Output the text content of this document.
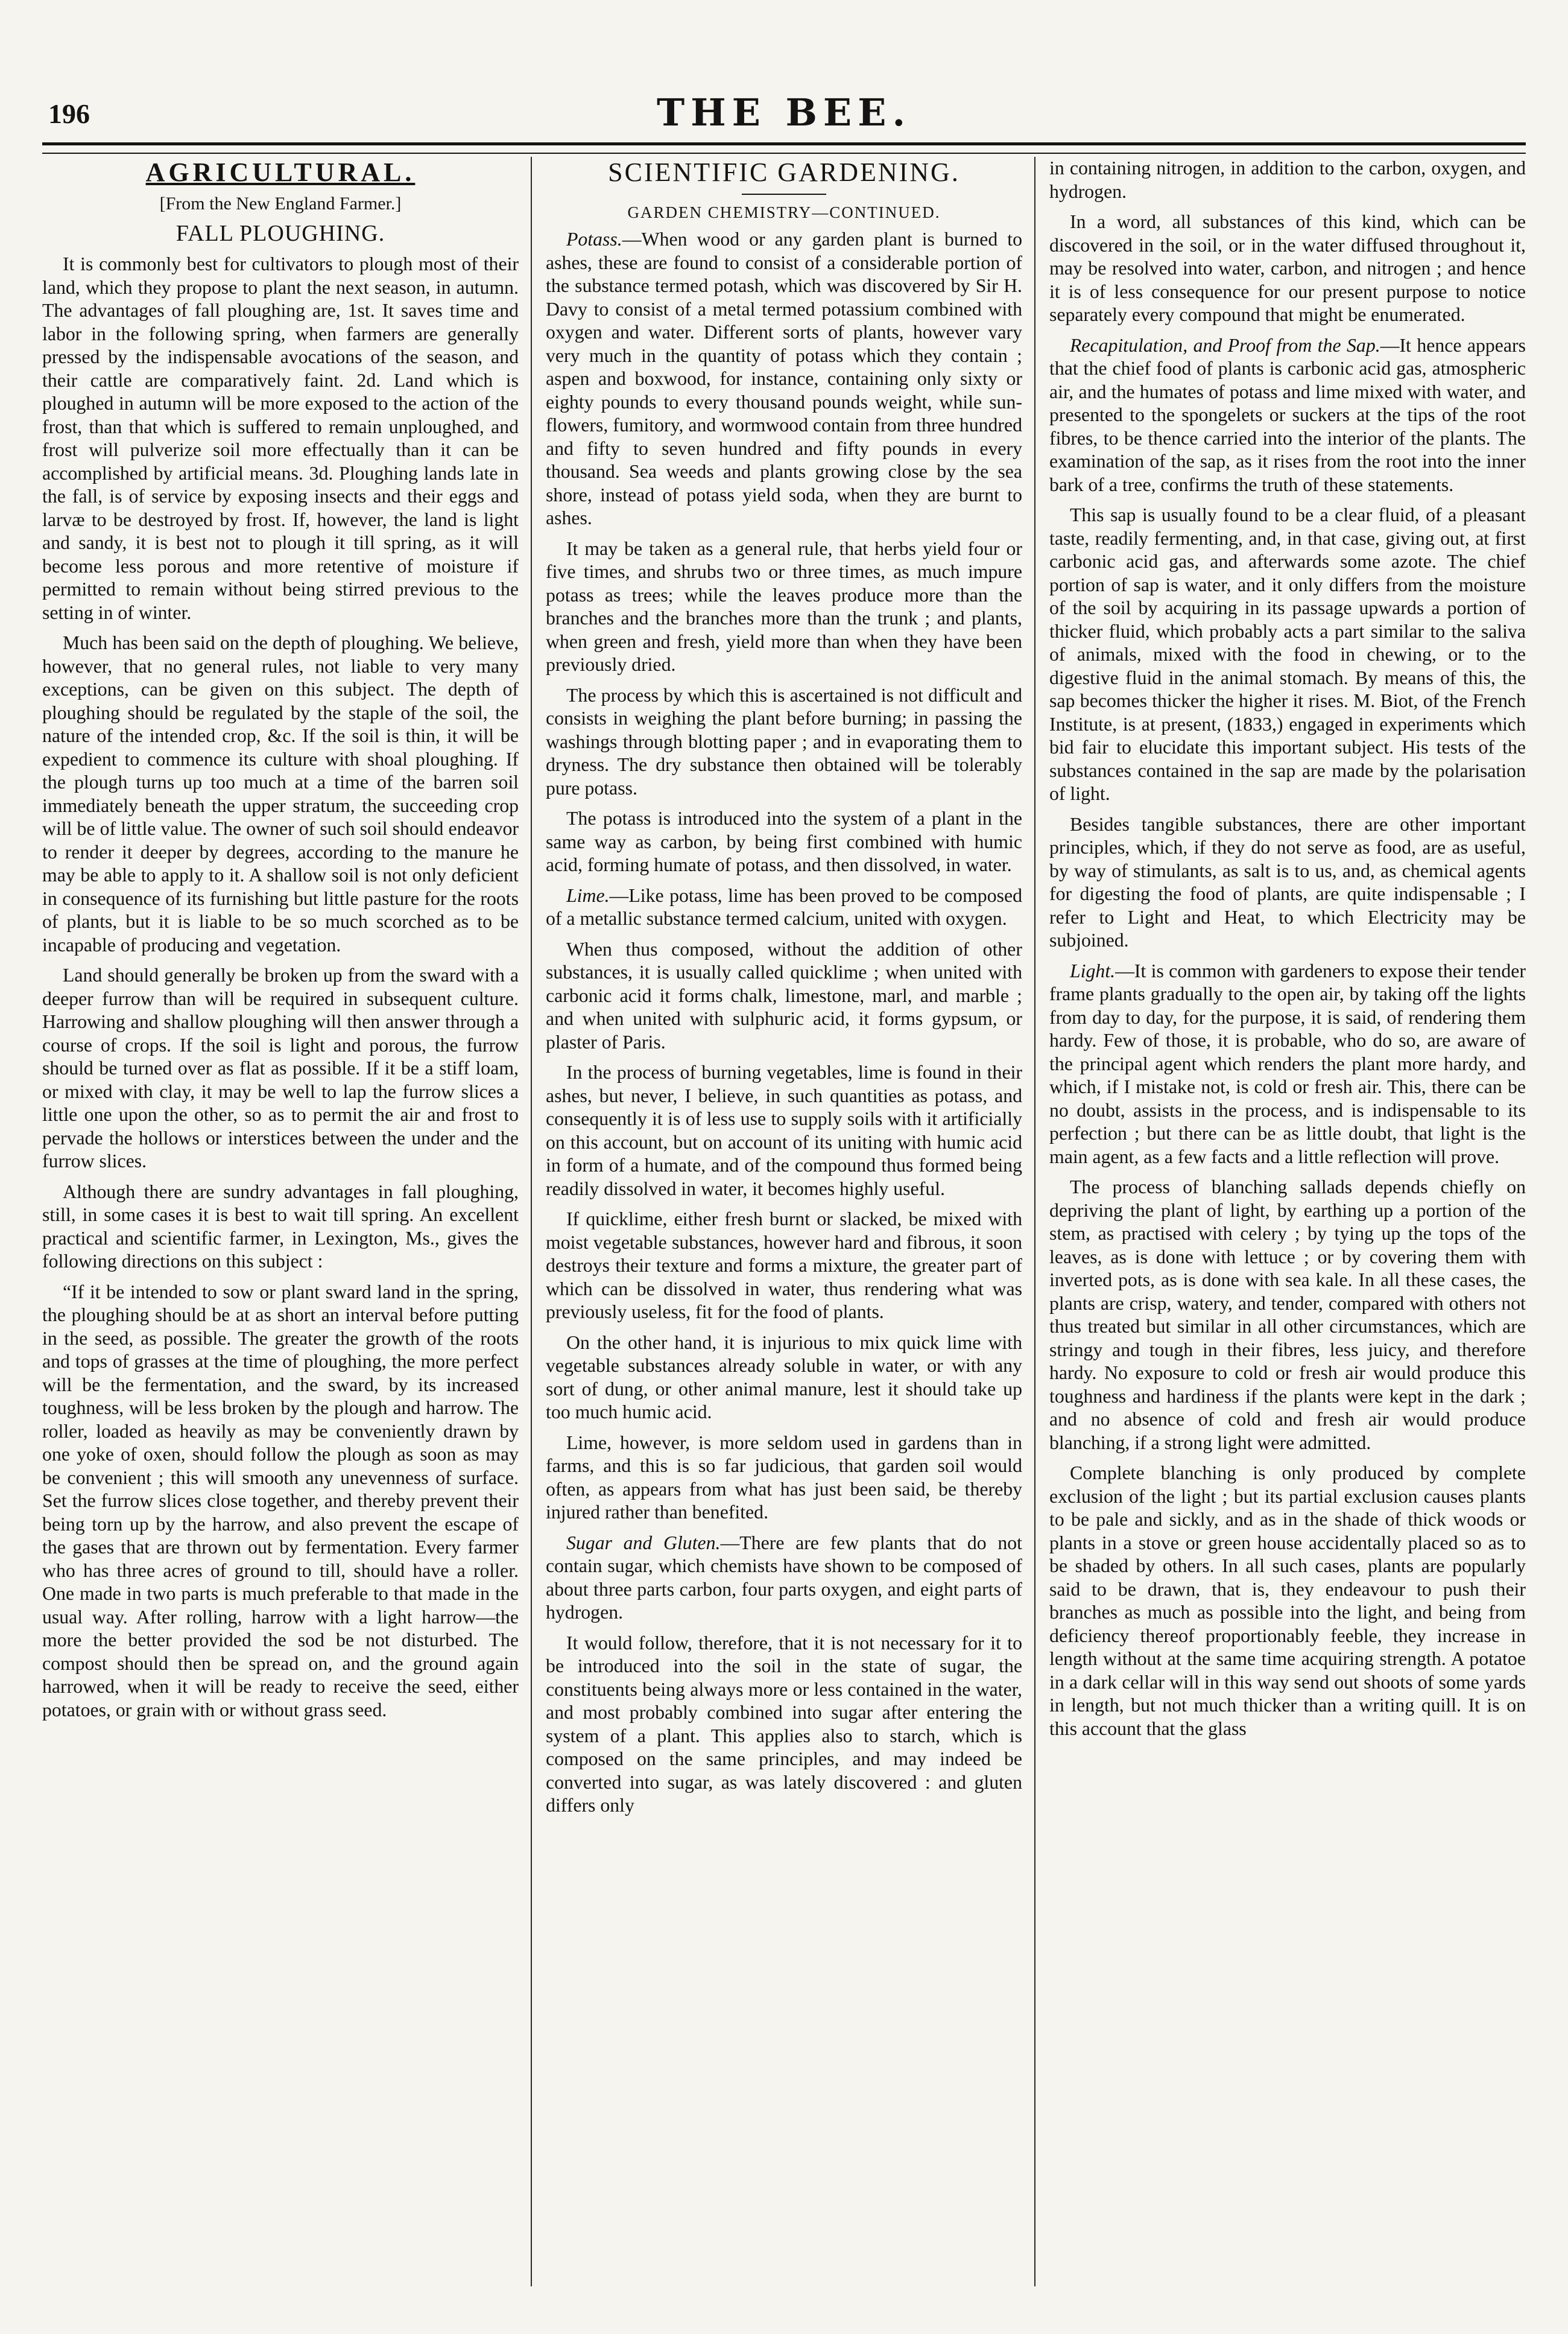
196	THE BEE.
AGRICULTURAL.
[From the New England Farmer.]
FALL PLOUGHING.

It is commonly best for cultivators to plough most of their land, which they propose to plant the next season, in autumn. The advantages of fall ploughing are, 1st. It saves time and labor in the following spring, when farmers are generally pressed by the indispensable avocations of the season, and their cattle are comparatively faint. 2d. Land which is ploughed in autumn will be more exposed to the action of the frost, than that which is suffered to remain unploughed, and frost will pulverize soil more effectually than it can be accomplished by artificial means. 3d. Ploughing lands late in the fall, is of service by exposing insects and their eggs and larvæ to be destroyed by frost. If, however, the land is light and sandy, it is best not to plough it till spring, as it will become less porous and more retentive of moisture if permitted to remain without being stirred previous to the setting in of winter.

Much has been said on the depth of ploughing. We believe, however, that no general rules, not liable to very many exceptions, can be given on this subject. The depth of ploughing should be regulated by the staple of the soil, the nature of the intended crop, &c. If the soil is thin, it will be expedient to commence its culture with shoal ploughing. If the plough turns up too much at a time of the barren soil immediately beneath the upper stratum, the succeeding crop will be of little value. The owner of such soil should endeavor to render it deeper by degrees, according to the manure he may be able to apply to it. A shallow soil is not only deficient in consequence of its furnishing but little pasture for the roots of plants, but it is liable to be so much scorched as to be incapable of producing and vegetation.

Land should generally be broken up from the sward with a deeper furrow than will be required in subsequent culture. Harrowing and shallow ploughing will then answer through a course of crops. If the soil is light and porous, the furrow should be turned over as flat as possible. If it be a stiff loam, or mixed with clay, it may be well to lap the furrow slices a little one upon the other, so as to permit the air and frost to pervade the hollows or interstices between the under and the furrow slices.

Although there are sundry advantages in fall ploughing, still, in some cases it is best to wait till spring. An excellent practical and scientific farmer, in Lexington, Ms., gives the following directions on this subject :

“If it be intended to sow or plant sward land in the spring, the ploughing should be at as short an interval before putting in the seed, as possible. The greater the growth of the roots and tops of grasses at the time of ploughing, the more perfect will be the fermentation, and the sward, by its increased toughness, will be less broken by the plough and harrow. The roller, loaded as heavily as may be conveniently drawn by one yoke of oxen, should follow the plough as soon as may be convenient ; this will smooth any unevenness of surface. Set the furrow slices close together, and thereby prevent their being torn up by the harrow, and also prevent the escape of the gases that are thrown out by fermentation. Every farmer who has three acres of ground to till, should have a roller. One made in two parts is much preferable to that made in the usual way. After rolling, harrow with a light harrow—the more the better provided the sod be not disturbed. The compost should then be spread on, and the ground again harrowed, when it will be ready to receive the seed, either potatoes, or grain with or without grass seed.

SCIENTIFIC GARDENING.
GARDEN CHEMISTRY—CONTINUED.

Potass.—When wood or any garden plant is burned to ashes, these are found to consist of a considerable portion of the substance termed potash, which was discovered by Sir H. Davy to consist of a metal termed potassium combined with oxygen and water. Different sorts of plants, however vary very much in the quantity of potass which they contain ; aspen and boxwood, for instance, containing only sixty or eighty pounds to every thousand pounds weight, while sun-flowers, fumitory, and wormwood contain from three hundred and fifty to seven hundred and fifty pounds in every thousand. Sea weeds and plants growing close by the sea shore, instead of potass yield soda, when they are burnt to ashes.

It may be taken as a general rule, that herbs yield four or five times, and shrubs two or three times, as much impure potass as trees; while the leaves produce more than the branches and the branches more than the trunk ; and plants, when green and fresh, yield more than when they have been previously dried.

The process by which this is ascertained is not difficult and consists in weighing the plant before burning; in passing the washings through blotting paper ; and in evaporating them to dryness. The dry substance then obtained will be tolerably pure potass.

The potass is introduced into the system of a plant in the same way as carbon, by being first combined with humic acid, forming humate of potass, and then dissolved, in water.

Lime.—Like potass, lime has been proved to be composed of a metallic substance termed calcium, united with oxygen.

When thus composed, without the addition of other substances, it is usually called quicklime ; when united with carbonic acid it forms chalk, limestone, marl, and marble ; and when united with sulphuric acid, it forms gypsum, or plaster of Paris.

In the process of burning vegetables, lime is found in their ashes, but never, I believe, in such quantities as potass, and consequently it is of less use to supply soils with it artificially on this account, but on account of its uniting with humic acid in form of a humate, and of the compound thus formed being readily dissolved in water, it becomes highly useful.

If quicklime, either fresh burnt or slacked, be mixed with moist vegetable substances, however hard and fibrous, it soon destroys their texture and forms a mixture, the greater part of which can be dissolved in water, thus rendering what was previously useless, fit for the food of plants.

On the other hand, it is injurious to mix quick lime with vegetable substances already soluble in water, or with any sort of dung, or other animal manure, lest it should take up too much humic acid.

Lime, however, is more seldom used in gardens than in farms, and this is so far judicious, that garden soil would often, as appears from what has just been said, be thereby injured rather than benefited.

Sugar and Gluten.—There are few plants that do not contain sugar, which chemists have shown to be composed of about three parts carbon, four parts oxygen, and eight parts of hydrogen.

It would follow, therefore, that it is not necessary for it to be introduced into the soil in the state of sugar, the constituents being always more or less contained in the water, and most probably combined into sugar after entering the system of a plant. This applies also to starch, which is composed on the same principles, and may indeed be converted into sugar, as was lately discovered : and gluten differs only

in containing nitrogen, in addition to the carbon, oxygen, and hydrogen.

In a word, all substances of this kind, which can be discovered in the soil, or in the water diffused throughout it, may be resolved into water, carbon, and nitrogen ; and hence it is of less consequence for our present purpose to notice separately every compound that might be enumerated.

Recapitulation, and Proof from the Sap.—It hence appears that the chief food of plants is carbonic acid gas, atmospheric air, and the humates of potass and lime mixed with water, and presented to the spongelets or suckers at the tips of the root fibres, to be thence carried into the interior of the plants. The examination of the sap, as it rises from the root into the inner bark of a tree, confirms the truth of these statements.

This sap is usually found to be a clear fluid, of a pleasant taste, readily fermenting, and, in that case, giving out, at first carbonic acid gas, and afterwards some azote. The chief portion of sap is water, and it only differs from the moisture of the soil by acquiring in its passage upwards a portion of thicker fluid, which probably acts a part similar to the saliva of animals, mixed with the food in chewing, or to the digestive fluid in the animal stomach. By means of this, the sap becomes thicker the higher it rises. M. Biot, of the French Institute, is at present, (1833,) engaged in experiments which bid fair to elucidate this important subject. His tests of the substances contained in the sap are made by the polarisation of light.

Besides tangible substances, there are other important principles, which, if they do not serve as food, are as useful, by way of stimulants, as salt is to us, and, as chemical agents for digesting the food of plants, are quite indispensable ; I refer to Light and Heat, to which Electricity may be subjoined.

Light.—It is common with gardeners to expose their tender frame plants gradually to the open air, by taking off the lights from day to day, for the purpose, it is said, of rendering them hardy. Few of those, it is probable, who do so, are aware of the principal agent which renders the plant more hardy, and which, if I mistake not, is cold or fresh air. This, there can be no doubt, assists in the process, and is indispensable to its perfection ; but there can be as little doubt, that light is the main agent, as a few facts and a little reflection will prove.

The process of blanching sallads depends chiefly on depriving the plant of light, by earthing up a portion of the stem, as practised with celery ; by tying up the tops of the leaves, as is done with lettuce ; or by covering them with inverted pots, as is done with sea kale. In all these cases, the plants are crisp, watery, and tender, compared with others not thus treated but similar in all other circumstances, which are stringy and tough in their fibres, less juicy, and therefore hardy. No exposure to cold or fresh air would produce this toughness and hardiness if the plants were kept in the dark ; and no absence of cold and fresh air would produce blanching, if a strong light were admitted.

Complete blanching is only produced by complete exclusion of the light ; but its partial exclusion causes plants to be pale and sickly, and as in the shade of thick woods or plants in a stove or green house accidentally placed so as to be shaded by others. In all such cases, plants are popularly said to be drawn, that is, they endeavour to push their branches as much as possible into the light, and being from deficiency thereof proportionably feeble, they increase in length without at the same time acquiring strength. A potatoe in a dark cellar will in this way send out shoots of some yards in length, but not much thicker than a writing quill. It is on this account that the glass
